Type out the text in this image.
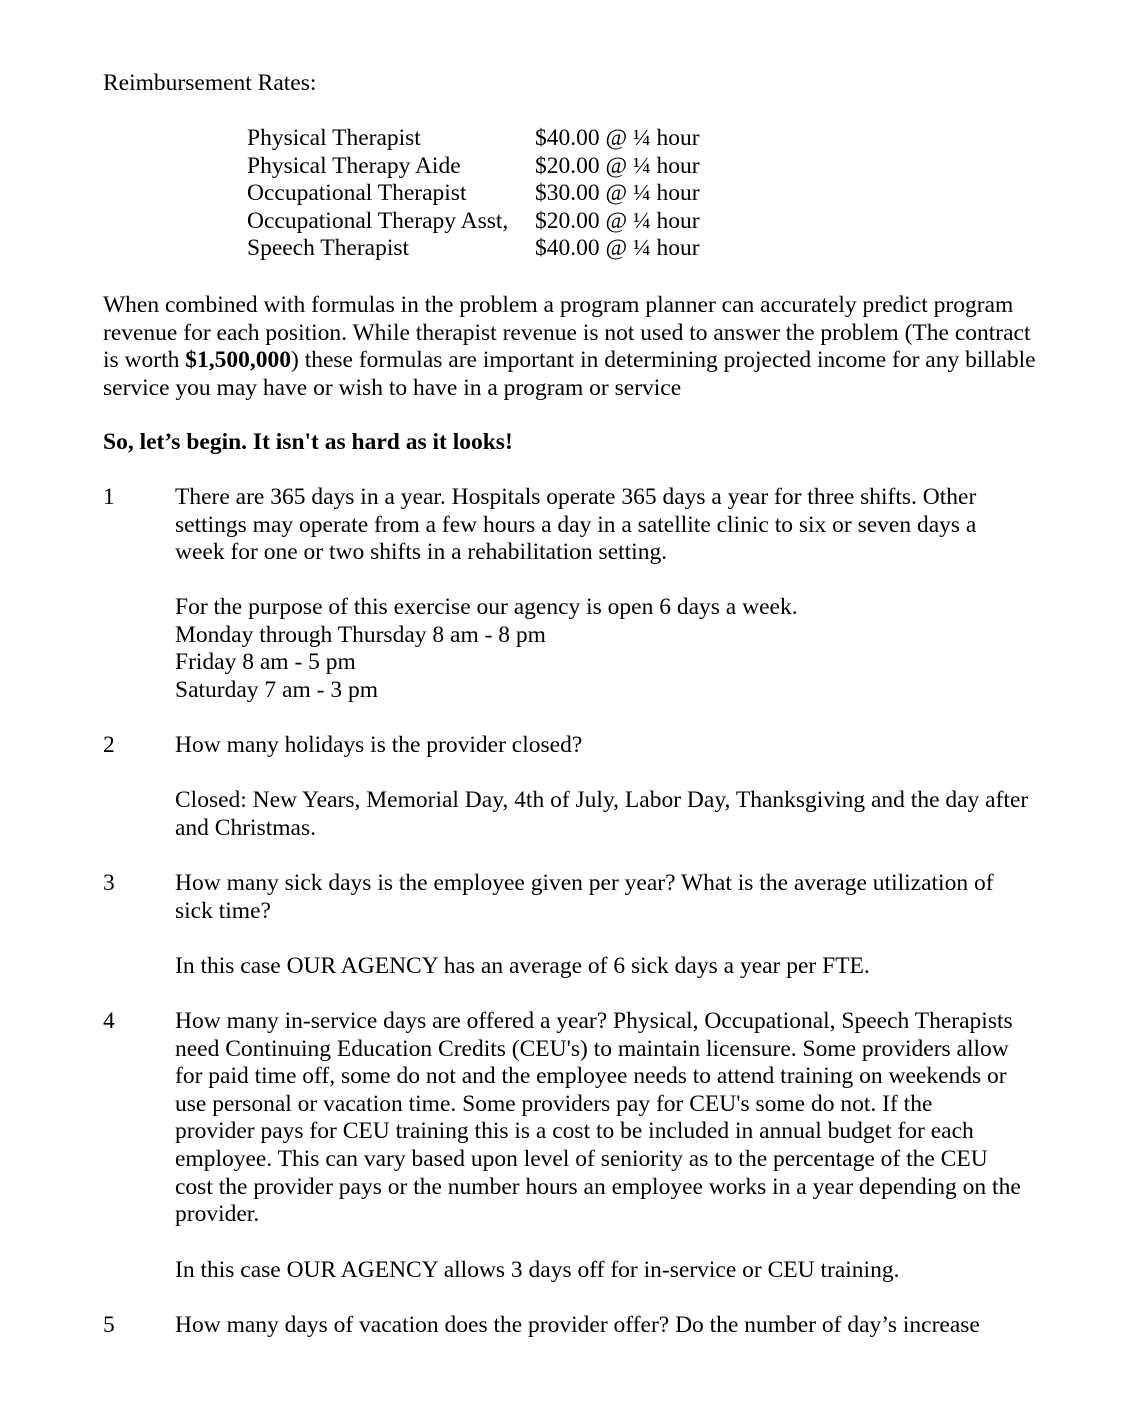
Reimbursement Rates:
Physical Therapist	$40.00 @ ¼ hour
Physical Therapy Aide	$20.00 @ ¼ hour
Occupational Therapist	$30.00 @ ¼ hour
Occupational Therapy Asst,	$20.00 @ ¼ hour
Speech Therapist	$40.00 @ ¼ hour
When combined with formulas in the problem a program planner can accurately predict program
revenue for each position. While therapist revenue is not used to answer the problem (The contract
is worth $1,500,000) these formulas are important in determining projected income for any billable
service you may have or wish to have in a program or service
So, let’s begin. It isn't as hard as it looks!
1	There are 365 days in a year. Hospitals operate 365 days a year for three shifts. Other
settings may operate from a few hours a day in a satellite clinic to six or seven days a
week for one or two shifts in a rehabilitation setting.
For the purpose of this exercise our agency is open 6 days a week.
Monday through Thursday 8 am - 8 pm
Friday 8 am - 5 pm
Saturday 7 am - 3 pm
2	How many holidays is the provider closed?
Closed: New Years, Memorial Day, 4th of July, Labor Day, Thanksgiving and the day after
and Christmas.
3	How many sick days is the employee given per year? What is the average utilization of
sick time?
In this case OUR AGENCY has an average of 6 sick days a year per FTE.
4	How many in-service days are offered a year? Physical, Occupational, Speech Therapists
need Continuing Education Credits (CEU's) to maintain licensure. Some providers allow
for paid time off, some do not and the employee needs to attend training on weekends or
use personal or vacation time. Some providers pay for CEU's some do not. If the
provider pays for CEU training this is a cost to be included in annual budget for each
employee. This can vary based upon level of seniority as to the percentage of the CEU
cost the provider pays or the number hours an employee works in a year depending on the
provider.
In this case OUR AGENCY allows 3 days off for in-service or CEU training.
5	How many days of vacation does the provider offer? Do the number of day’s increase
